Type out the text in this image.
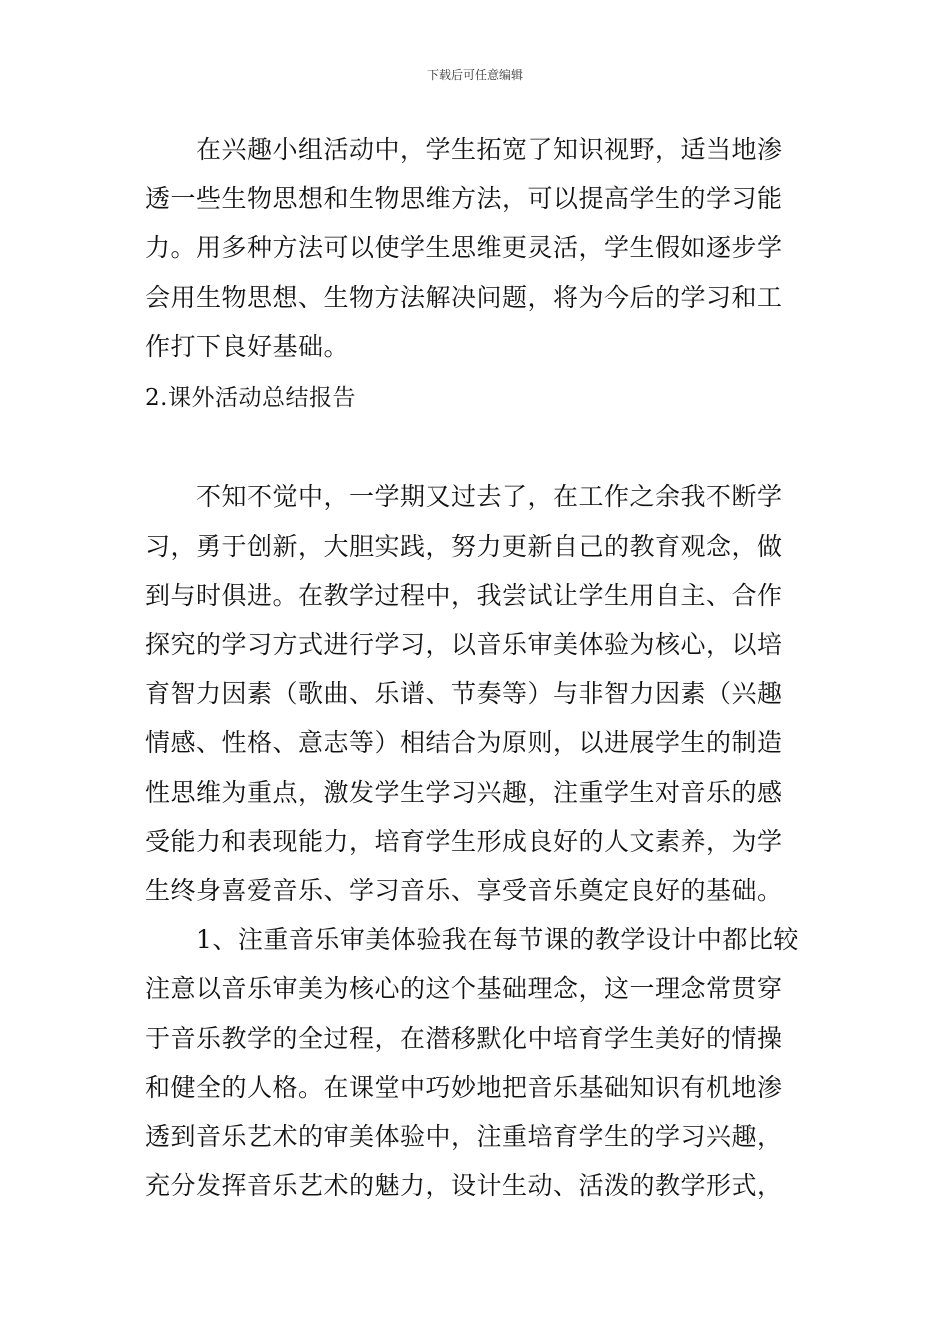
下载后可任意编辑
　　在兴趣小组活动中，学生拓宽了知识视野，适当地渗
透一些生物思想和生物思维方法，可以提高学生的学习能
力。用多种方法可以使学生思维更灵活，学生假如逐步学
会用生物思想、生物方法解决问题，将为今后的学习和工
作打下良好基础。
2.课外活动总结报告
　　不知不觉中，一学期又过去了，在工作之余我不断学
习，勇于创新，大胆实践，努力更新自己的教育观念，做
到与时俱进。在教学过程中，我尝试让学生用自主、合作
探究的学习方式进行学习，以音乐审美体验为核心，以培
育智力因素（歌曲、乐谱、节奏等）与非智力因素（兴趣
情感、性格、意志等）相结合为原则，以进展学生的制造
性思维为重点，激发学生学习兴趣，注重学生对音乐的感
受能力和表现能力，培育学生形成良好的人文素养，为学
生终身喜爱音乐、学习音乐、享受音乐奠定良好的基础。
　　1、注重音乐审美体验我在每节课的教学设计中都比较
注意以音乐审美为核心的这个基础理念，这一理念常贯穿
于音乐教学的全过程，在潜移默化中培育学生美好的情操
和健全的人格。在课堂中巧妙地把音乐基础知识有机地渗
透到音乐艺术的审美体验中，注重培育学生的学习兴趣，
充分发挥音乐艺术的魅力，设计生动、活泼的教学形式，
